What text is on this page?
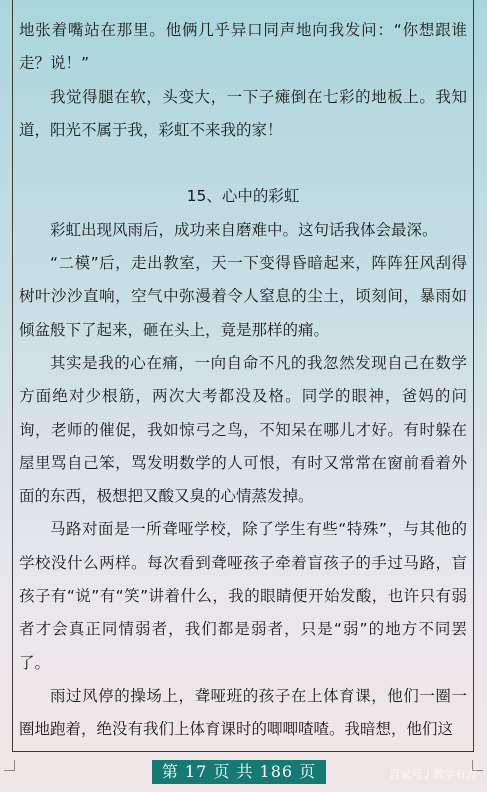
地张着嘴站在那里。他俩几乎异口同声地向我发问：“你想跟谁走？说！”

我觉得腿在软，头变大，一下子瘫倒在七彩的地板上。我知道，阳光不属于我，彩虹不来我的家！

15、心中的彩虹

彩虹出现风雨后，成功来自磨难中。这句话我体会最深。

“二模”后，走出教室，天一下变得昏暗起来，阵阵狂风刮得树叶沙沙直响，空气中弥漫着令人窒息的尘土，顷刻间，暴雨如倾盆般下了起来，砸在头上，竟是那样的痛。

其实是我的心在痛，一向自命不凡的我忽然发现自己在数学方面绝对少根筋，两次大考都没及格。同学的眼神，爸妈的问询，老师的催促，我如惊弓之鸟，不知呆在哪儿才好。有时躲在屋里骂自己笨，骂发明数学的人可恨，有时又常常在窗前看着外面的东西，极想把又酸又臭的心情蒸发掉。

马路对面是一所聋哑学校，除了学生有些“特殊”，与其他的学校没什么两样。每次看到聋哑孩子牵着盲孩子的手过马路，盲孩子有“说”有“笑”讲着什么，我的眼睛便开始发酸，也许只有弱者才会真正同情弱者，我们都是弱者，只是“弱”的地方不同罢了。

雨过风停的操场上，聋哑班的孩子在上体育课，他们一圈一圈地跑着，绝没有我们上体育课时的唧唧喳喳。我暗想，他们这

第 17 页 共 186 页	百家号 / 教学有方
